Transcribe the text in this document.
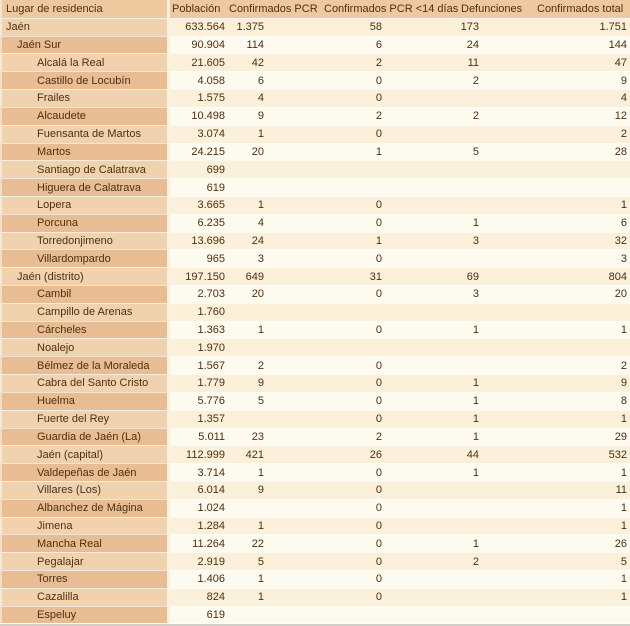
Lugar de residencia	Población	Confirmados PCR	Confirmados PCR <14 días	Defunciones	Confirmados total
Jaén	633.564	1.375	58	173	1.751
Jaén Sur	90.904	114	6	24	144
Alcalá la Real	21.605	42	2	11	47
Castillo de Locubín	4.058	6	0	2	9
Frailes	1.575	4	0		4
Alcaudete	10.498	9	2	2	12
Fuensanta de Martos	3.074	1	0		2
Martos	24.215	20	1	5	28
Santiago de Calatrava	699				
Higuera de Calatrava	619				
Lopera	3.665	1	0		1
Porcuna	6.235	4	0	1	6
Torredonjimeno	13.696	24	1	3	32
Villardompardo	965	3	0		3
Jaén (distrito)	197.150	649	31	69	804
Cambil	2.703	20	0	3	20
Campillo de Arenas	1.760				
Cárcheles	1.363	1	0	1	1
Noalejo	1.970				
Bélmez de la Moraleda	1.567	2	0		2
Cabra del Santo Cristo	1.779	9	0	1	9
Huelma	5.776	5	0	1	8
Fuerte del Rey	1.357		0	1	1
Guardia de Jaén (La)	5.011	23	2	1	29
Jaén (capital)	112.999	421	26	44	532
Valdepeñas de Jaén	3.714	1	0	1	1
Villares (Los)	6.014	9	0		11
Albanchez de Mágina	1.024		0		1
Jimena	1.284	1	0		1
Mancha Real	11.264	22	0	1	26
Pegalajar	2.919	5	0	2	5
Torres	1.406	1	0		1
Cazalilla	824	1	0		1
Espeluy	619				
